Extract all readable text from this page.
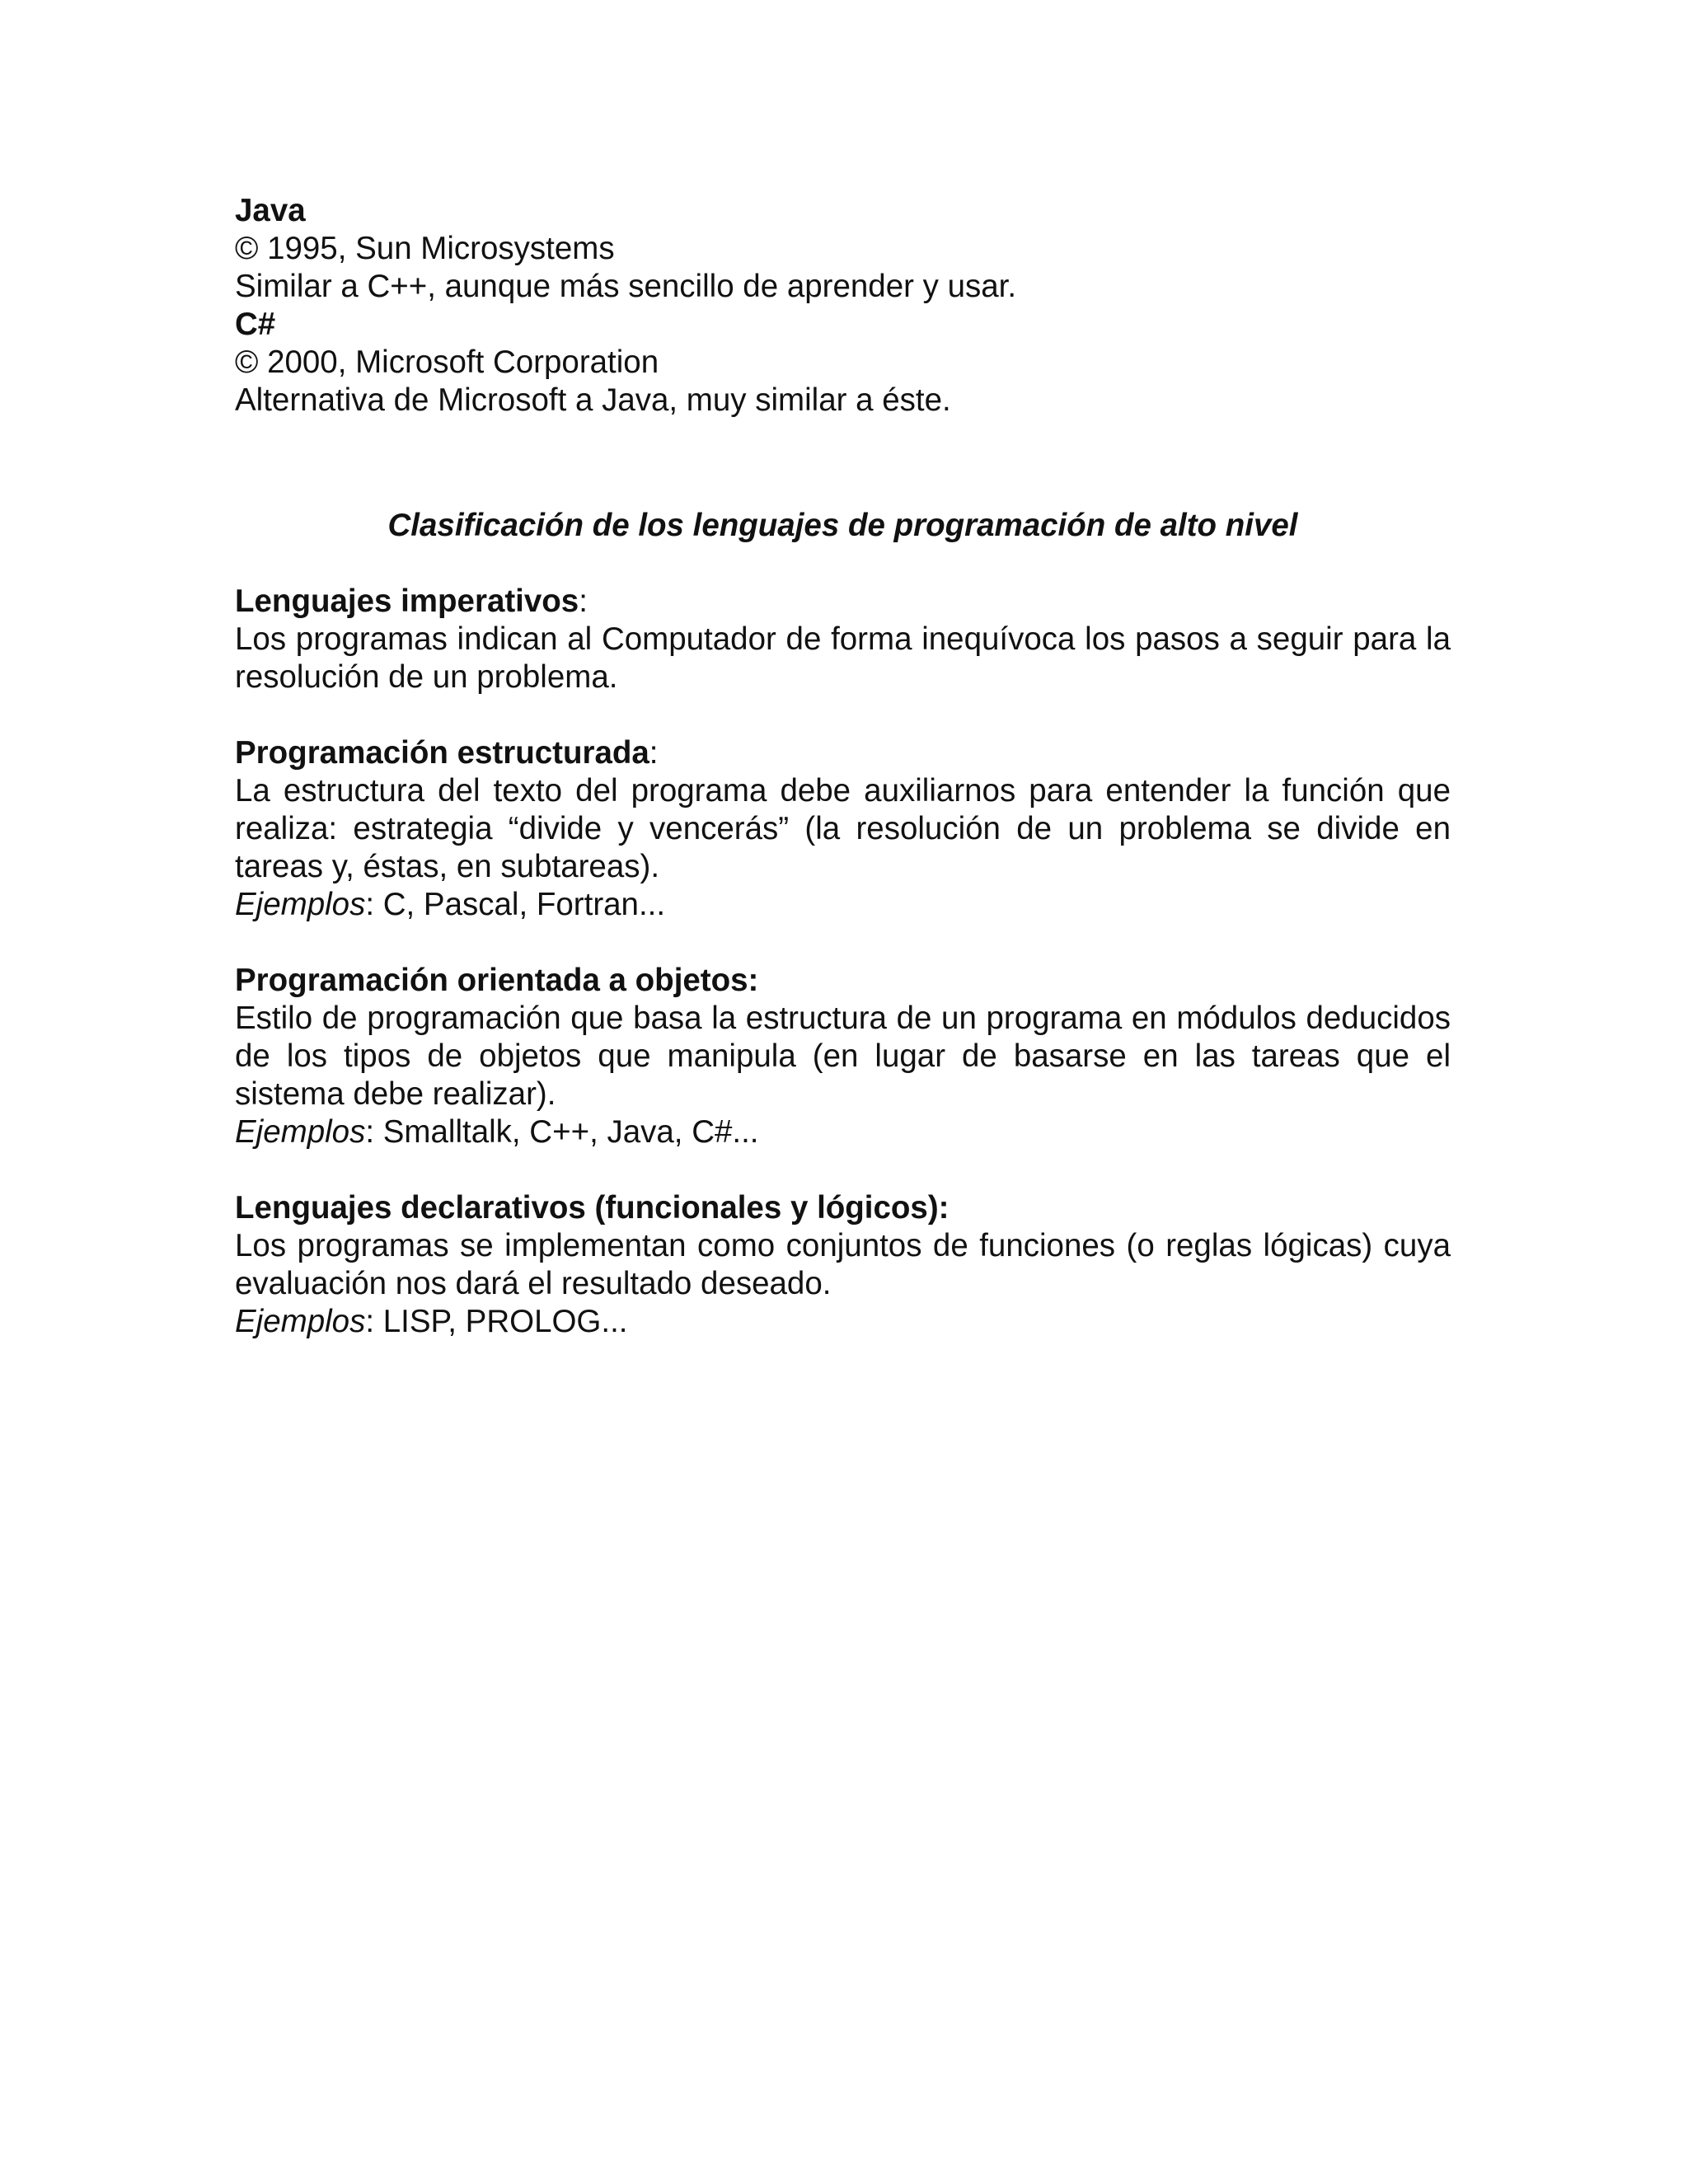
Java
© 1995, Sun Microsystems
Similar a C++, aunque más sencillo de aprender y usar.
C#
© 2000, Microsoft Corporation
Alternativa de Microsoft a Java, muy similar a éste.
Clasificación de los lenguajes de programación de alto nivel
Lenguajes imperativos:

Los programas indican al Computador de forma inequívoca los pasos a seguir para la resolución de un problema.

Programación estructurada:

La estructura del texto del programa debe auxiliarnos para entender la función que realiza: estrategia “divide y vencerás” (la resolución de un problema se divide en tareas y, éstas, en subtareas).

Ejemplos: C, Pascal, Fortran...
Programación orientada a objetos:

Estilo de programación que basa la estructura de un programa en módulos deducidos de los tipos de objetos que manipula (en lugar de basarse en las tareas que el sistema debe realizar).

Ejemplos: Smalltalk, C++, Java, C#...
Lenguajes declarativos (funcionales y lógicos):

Los programas se implementan como conjuntos de funciones (o reglas lógicas) cuya evaluación nos dará el resultado deseado.

Ejemplos: LISP, PROLOG...
